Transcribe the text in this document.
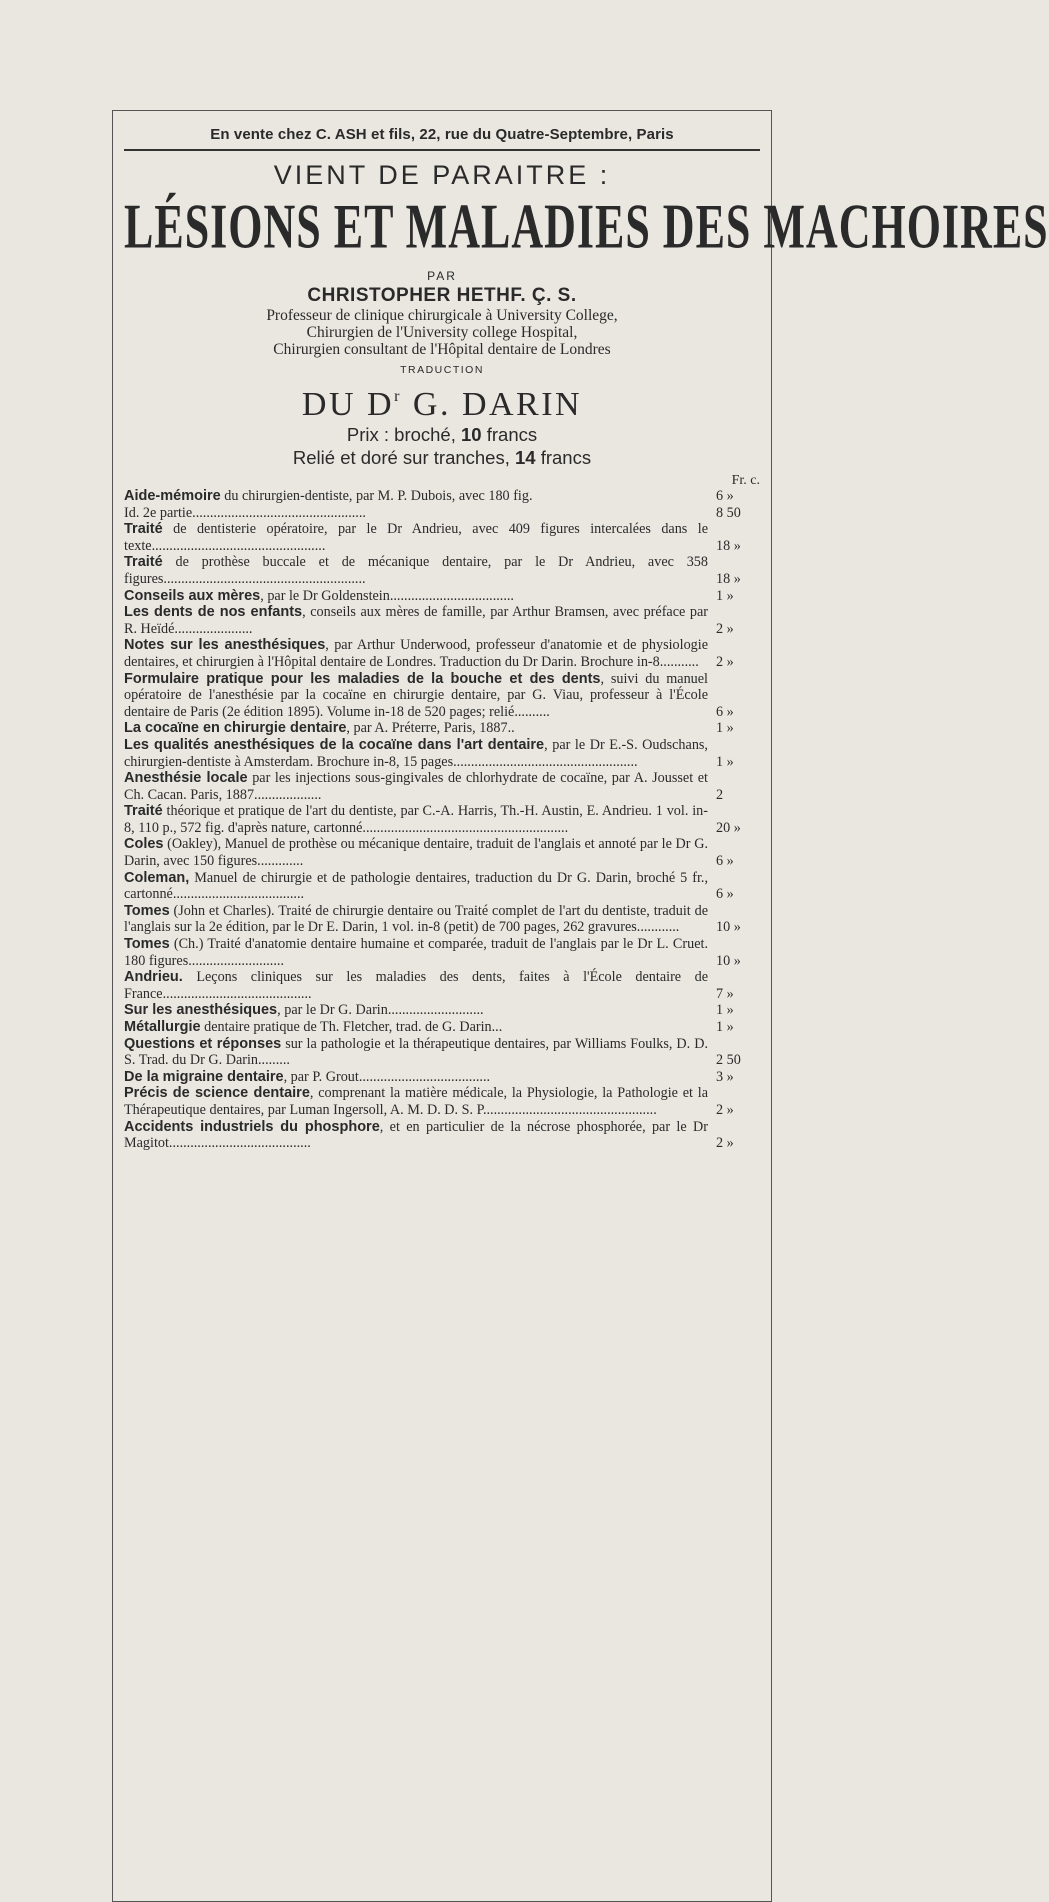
En vente chez C. ASH et fils, 22, rue du Quatre-Septembre, Paris
VIENT DE PARAITRE :
LÉSIONS ET MALADIES DES MACHOIRES
PAR
CHRISTOPHER HETHF. Ç. S.
Professeur de clinique chirurgicale à University College,
Chirurgien de l'University college Hospital,
Chirurgien consultant de l'Hôpital dentaire de Londres
TRADUCTION
DU $D^r$ G. DARIN
Prix : broché, 10 francs
Relié et doré sur tranches, 14 francs
Fr. c.
Aide-mémoire du chirurgien-dentiste, par M. P. Dubois, avec 180 fig.	6 »
Id. 2e partie.................................................	8 50
Traité de dentisterie opératoire, par le Dr Andrieu, avec 409 figures intercalées dans le texte.................................................	18 »
Traité de prothèse buccale et de mécanique dentaire, par le Dr Andrieu, avec 358 figures.........................................................	18 »
Conseils aux mères, par le Dr Goldenstein...................................	1 »
Les dents de nos enfants, conseils aux mères de famille, par Arthur Bramsen, avec préface par R. Heïdé......................	2 »
Notes sur les anesthésiques, par Arthur Underwood, professeur d'anatomie et de physiologie dentaires, et chirurgien à l'Hôpital dentaire de Londres. Traduction du Dr Darin. Brochure in-8...........	2 »
Formulaire pratique pour les maladies de la bouche et des dents, suivi du manuel opératoire de l'anesthésie par la cocaïne en chirurgie dentaire, par G. Viau, professeur à l'École dentaire de Paris (2e édition 1895). Volume in-18 de 520 pages; relié..........	6 »
La cocaïne en chirurgie dentaire, par A. Préterre, Paris, 1887..	1 »
Les qualités anesthésiques de la cocaïne dans l'art dentaire, par le Dr E.-S. Oudschans, chirurgien-dentiste à Amsterdam. Brochure in-8, 15 pages....................................................	1 »
Anesthésie locale par les injections sous-gingivales de chlorhydrate de cocaïne, par A. Jousset et Ch. Cacan. Paris, 1887...................	2
Traité théorique et pratique de l'art du dentiste, par C.-A. Harris, Th.-H. Austin, E. Andrieu. 1 vol. in-8, 110 p., 572 fig. d'après nature, cartonné..........................................................	20 »
Coles (Oakley), Manuel de prothèse ou mécanique dentaire, traduit de l'anglais et annoté par le Dr G. Darin, avec 150 figures.............	6 »
Coleman, Manuel de chirurgie et de pathologie dentaires, traduction du Dr G. Darin, broché 5 fr., cartonné.....................................	6 »
Tomes (John et Charles). Traité de chirurgie dentaire ou Traité complet de l'art du dentiste, traduit de l'anglais sur la 2e édition, par le Dr E. Darin, 1 vol. in-8 (petit) de 700 pages, 262 gravures............	10 »
Tomes (Ch.) Traité d'anatomie dentaire humaine et comparée, traduit de l'anglais par le Dr L. Cruet. 180 figures...........................	10 »
Andrieu. Leçons cliniques sur les maladies des dents, faites à l'École dentaire de France..........................................	7 »
Sur les anesthésiques, par le Dr G. Darin...........................	1 »
Métallurgie dentaire pratique de Th. Fletcher, trad. de G. Darin...	1 »
Questions et réponses sur la pathologie et la thérapeutique dentaires, par Williams Foulks, D. D. S. Trad. du Dr G. Darin.........	2 50
De la migraine dentaire, par P. Grout.....................................	3 »
Précis de science dentaire, comprenant la matière médicale, la Physiologie, la Pathologie et la Thérapeutique dentaires, par Luman Ingersoll, A. M. D. D. S. P.................................................	2 »
Accidents industriels du phosphore, et en particulier de la nécrose phosphorée, par le Dr Magitot........................................	2 »
